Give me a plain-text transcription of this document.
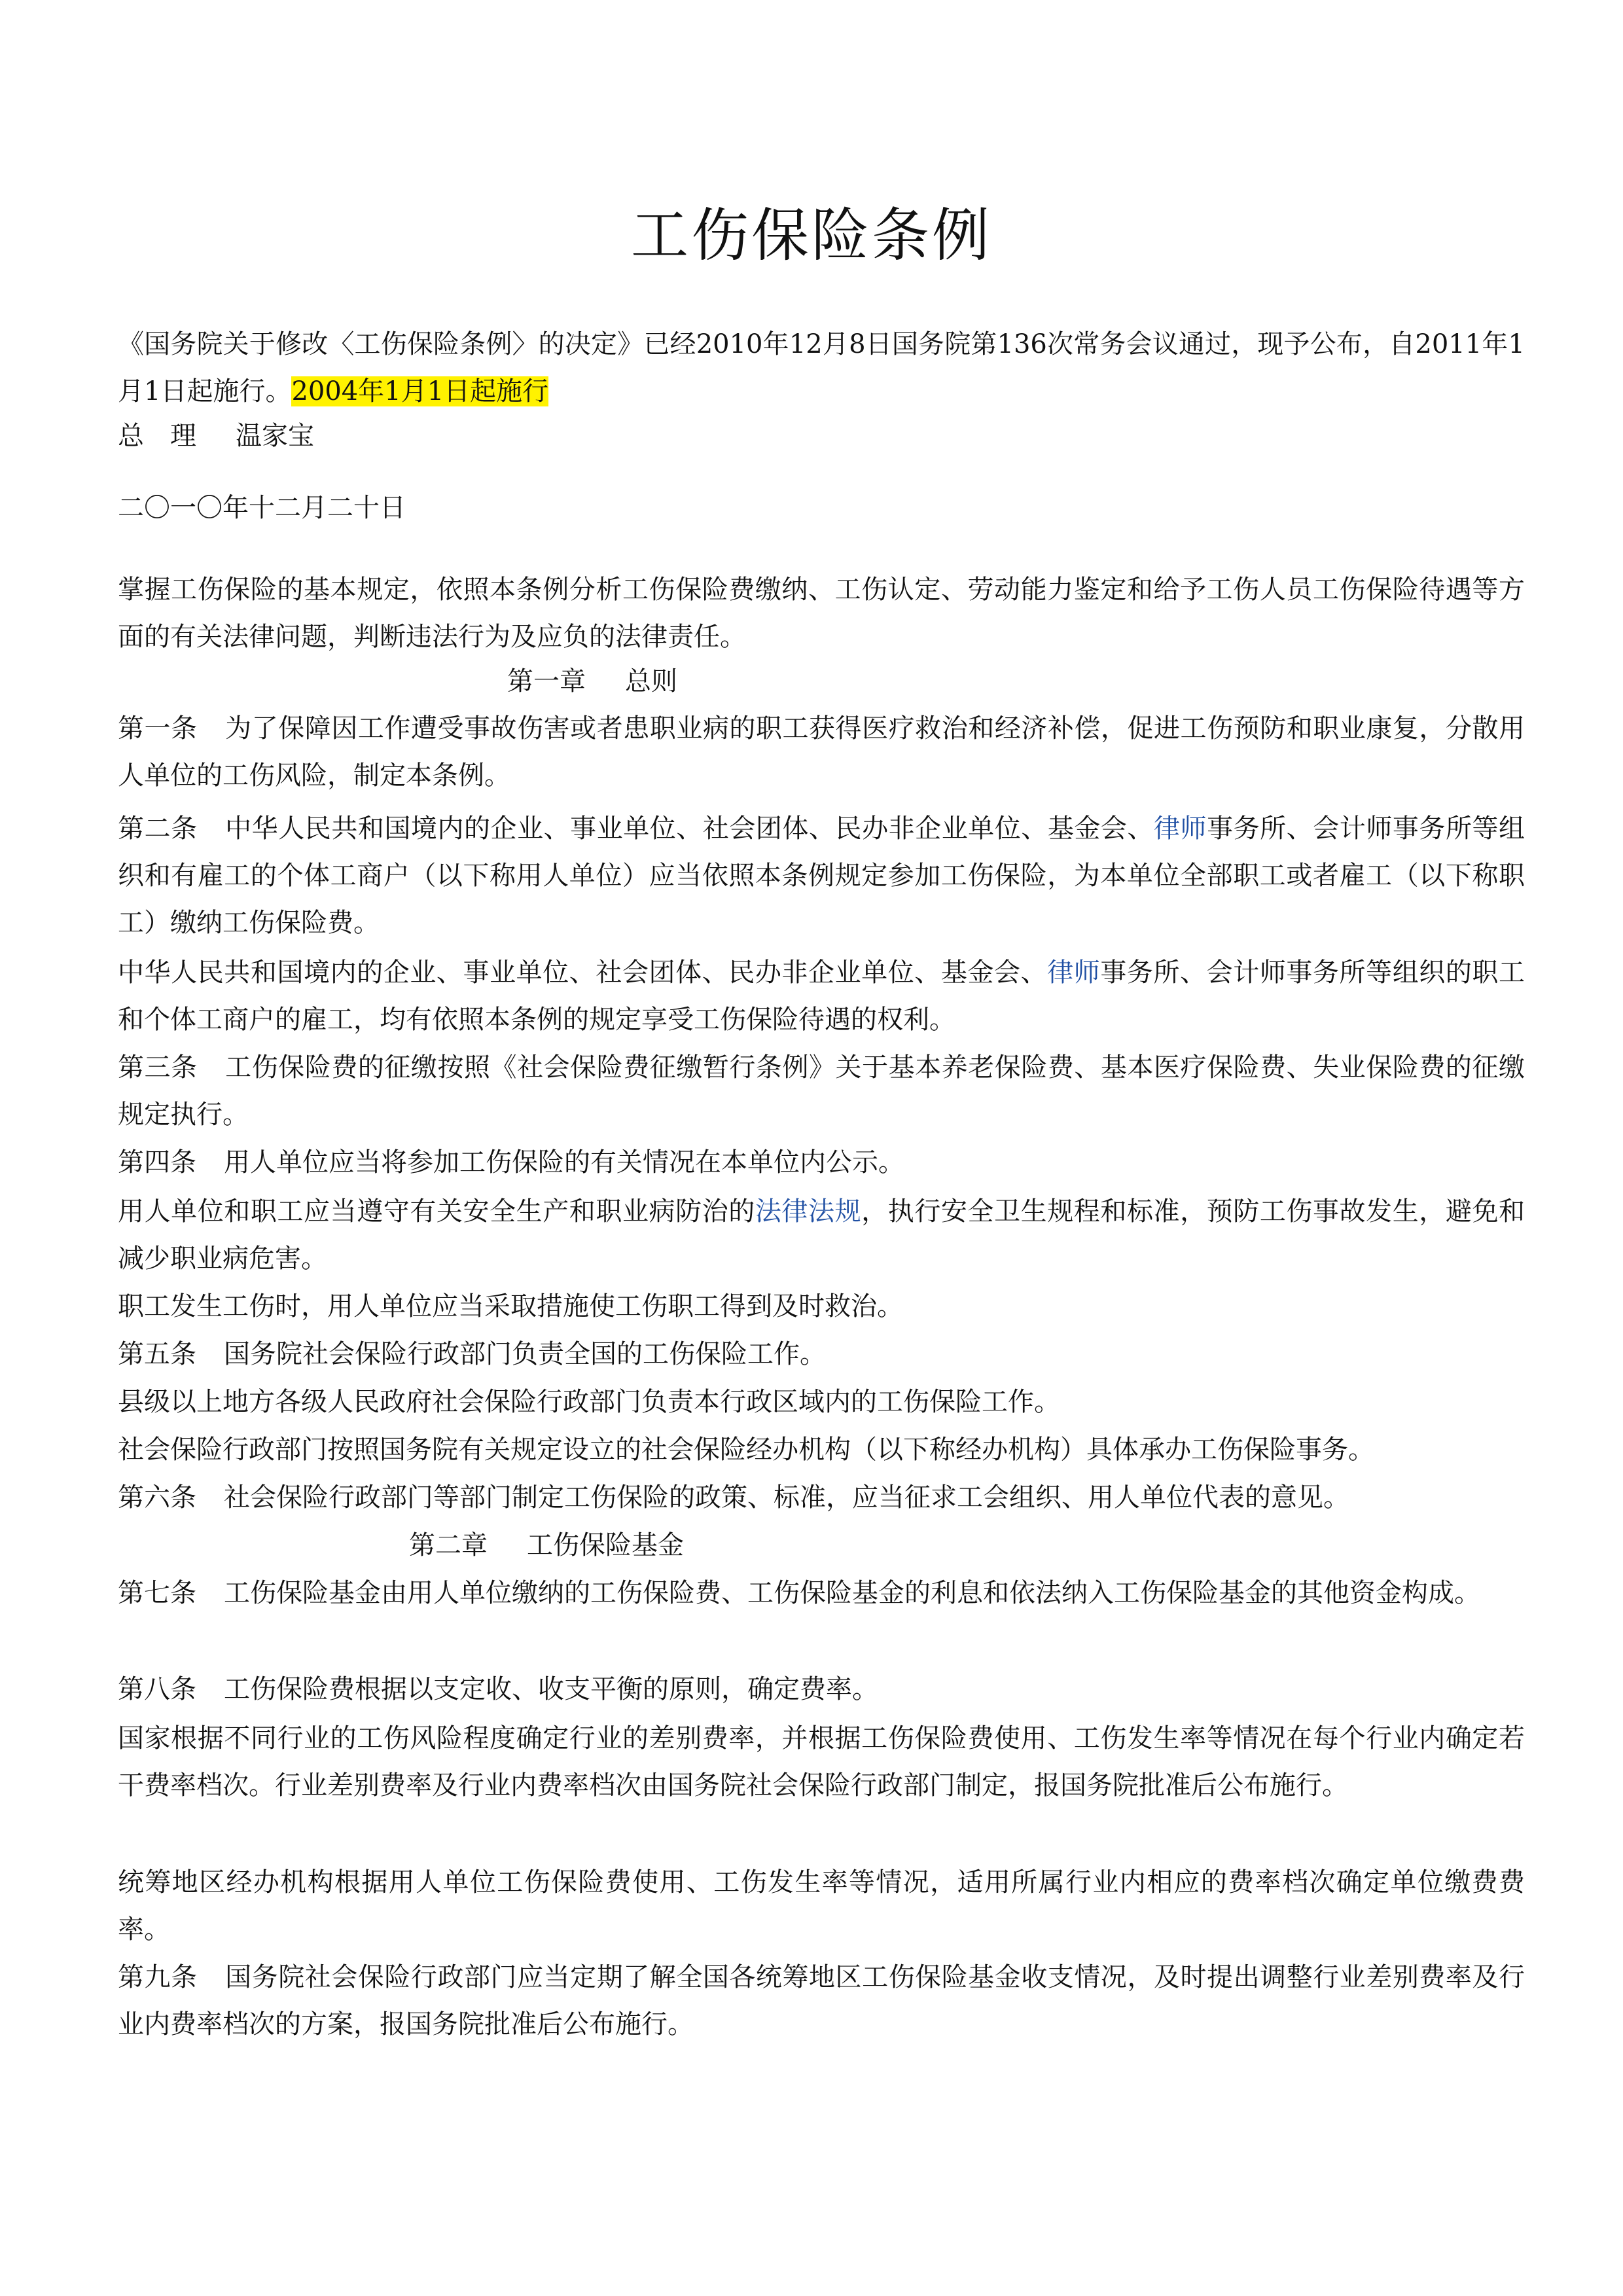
工伤保险条例
《国务院关于修改〈工伤保险条例〉的决定》已经2010年12月8日国务院第136次常务会议通过，现予公布，自2011年1月1日起施行。2004年1月1日起施行
总　理 温家宝
二〇一〇年十二月二十日
掌握工伤保险的基本规定，依照本条例分析工伤保险费缴纳、工伤认定、劳动能力鉴定和给予工伤人员工伤保险待遇等方面的有关法律问题，判断违法行为及应负的法律责任。
第一章 总则
第一条 为了保障因工作遭受事故伤害或者患职业病的职工获得医疗救治和经济补偿，促进工伤预防和职业康复，分散用人单位的工伤风险，制定本条例。
第二条 中华人民共和国境内的企业、事业单位、社会团体、民办非企业单位、基金会、律师事务所、会计师事务所等组织和有雇工的个体工商户（以下称用人单位）应当依照本条例规定参加工伤保险，为本单位全部职工或者雇工（以下称职工）缴纳工伤保险费。
中华人民共和国境内的企业、事业单位、社会团体、民办非企业单位、基金会、律师事务所、会计师事务所等组织的职工和个体工商户的雇工，均有依照本条例的规定享受工伤保险待遇的权利。
第三条 工伤保险费的征缴按照《社会保险费征缴暂行条例》关于基本养老保险费、基本医疗保险费、失业保险费的征缴规定执行。
第四条 用人单位应当将参加工伤保险的有关情况在本单位内公示。
用人单位和职工应当遵守有关安全生产和职业病防治的法律法规，执行安全卫生规程和标准，预防工伤事故发生，避免和减少职业病危害。
职工发生工伤时，用人单位应当采取措施使工伤职工得到及时救治。
第五条 国务院社会保险行政部门负责全国的工伤保险工作。
县级以上地方各级人民政府社会保险行政部门负责本行政区域内的工伤保险工作。
社会保险行政部门按照国务院有关规定设立的社会保险经办机构（以下称经办机构）具体承办工伤保险事务。
第六条 社会保险行政部门等部门制定工伤保险的政策、标准，应当征求工会组织、用人单位代表的意见。
第二章 工伤保险基金
第七条 工伤保险基金由用人单位缴纳的工伤保险费、工伤保险基金的利息和依法纳入工伤保险基金的其他资金构成。
第八条 工伤保险费根据以支定收、收支平衡的原则，确定费率。
国家根据不同行业的工伤风险程度确定行业的差别费率，并根据工伤保险费使用、工伤发生率等情况在每个行业内确定若干费率档次。行业差别费率及行业内费率档次由国务院社会保险行政部门制定，报国务院批准后公布施行。
统筹地区经办机构根据用人单位工伤保险费使用、工伤发生率等情况，适用所属行业内相应的费率档次确定单位缴费费率。
第九条 国务院社会保险行政部门应当定期了解全国各统筹地区工伤保险基金收支情况，及时提出调整行业差别费率及行业内费率档次的方案，报国务院批准后公布施行。
